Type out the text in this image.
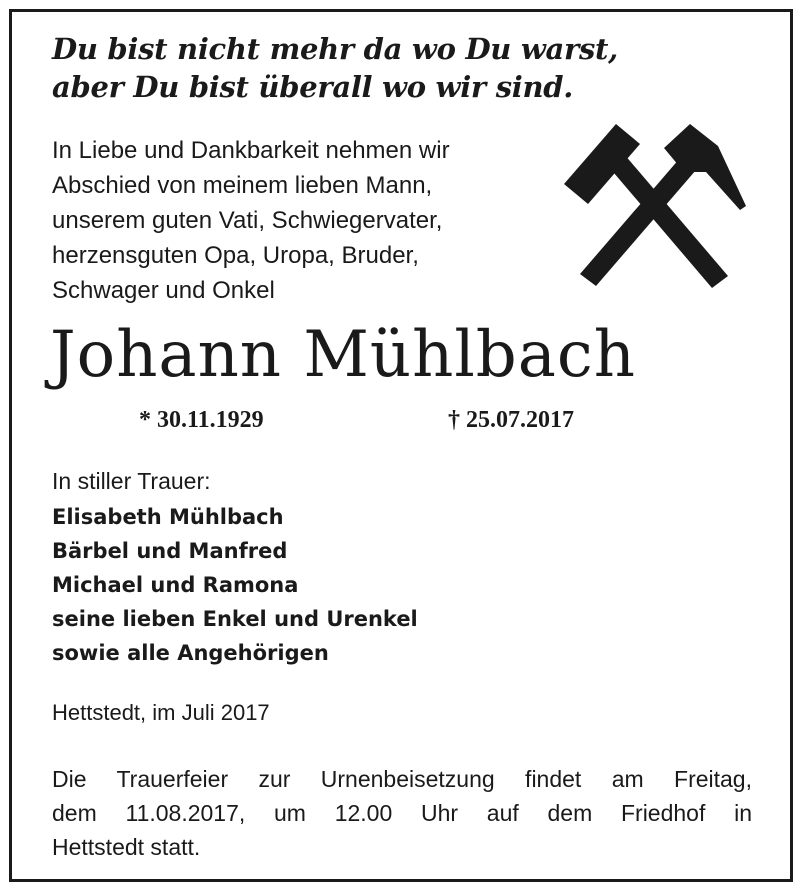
Du bist nicht mehr da wo Du warst,
aber Du bist überall wo wir sind.
In Liebe und Dankbarkeit nehmen wir
Abschied von meinem lieben Mann,
unserem guten Vati, Schwiegervater,
herzensguten Opa, Uropa, Bruder,
Schwager und Onkel
Johann Mühlbach
* 30.11.1929	† 25.07.2017
In stiller Trauer:
Elisabeth Mühlbach
Bärbel und Manfred
Michael und Ramona
seine lieben Enkel und Urenkel
sowie alle Angehörigen
Hettstedt, im Juli 2017
Die Trauerfeier zur Urnenbeisetzung findet am Freitag,
dem 11.08.2017, um 12.00 Uhr auf dem Friedhof in
Hettstedt statt.
